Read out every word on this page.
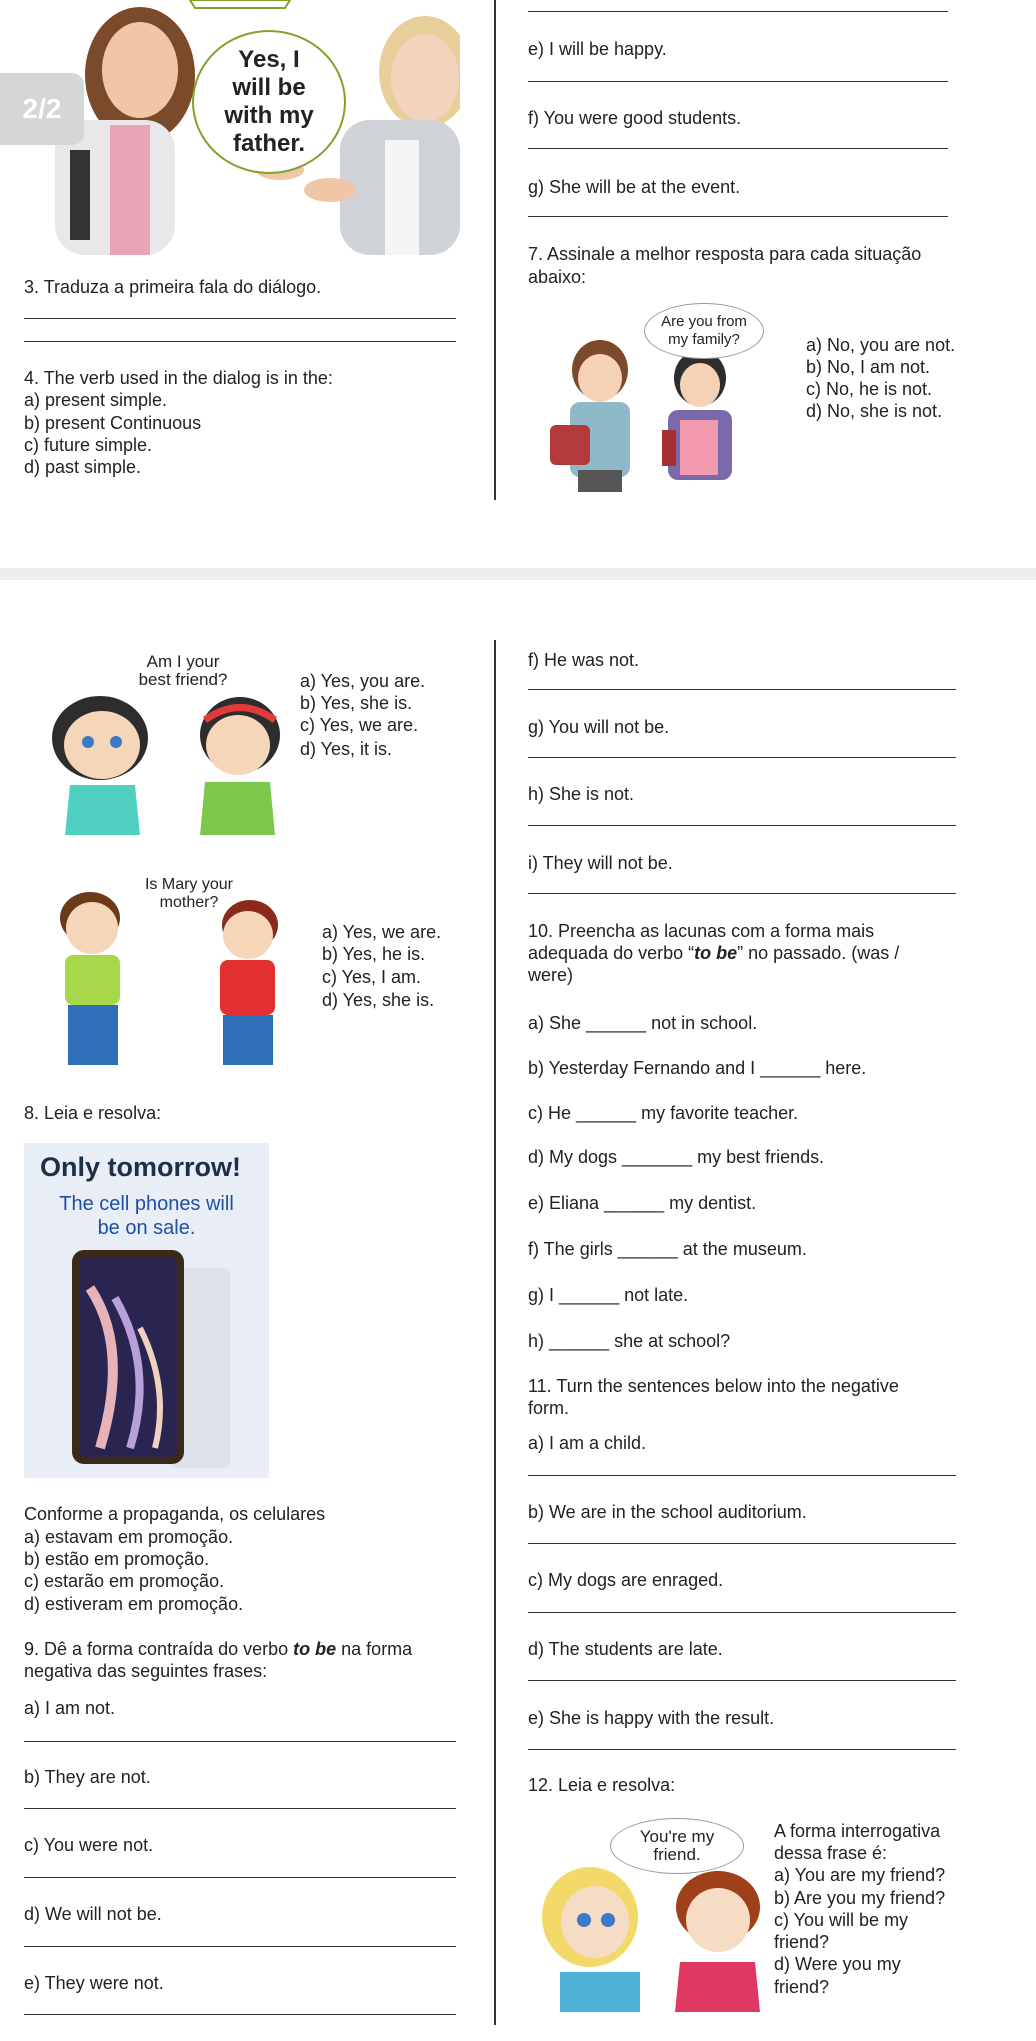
2/2
Yes, I
will be
with my
father.
3. Traduza a primeira fala do diálogo.
4. The verb used in the dialog is in the:
a) present simple.
b) present Continuous
c) future simple.
d) past simple.
e) I will be happy.
f) You were good students.
g) She will be at the event.
7. Assinale a melhor resposta para cada situação
abaixo:
Are you from
my family?	a) No, you are not.
b) No, I am not.
c) No, he is not.
d) No, she is not.
Am I your
best friend?	a) Yes, you are.
b) Yes, she is.
c) Yes, we are.
d) Yes, it is.
Is Mary your
mother?
a) Yes, we are.
b) Yes, he is.
c) Yes, I am.
d) Yes, she is.
8. Leia e resolva:
Only tomorrow!
The cell phones will
be on sale.
Conforme a propaganda, os celulares
a) estavam em promoção.
b) estão em promoção.
c) estarão em promoção.
d) estiveram em promoção.
9. Dê a forma contraída do verbo to be na forma
negativa das seguintes frases:
a) I am not.
b) They are not.
c) You were not.
d) We will not be.
e) They were not.
f) He was not.
g) You will not be.
h) She is not.
i) They will not be.
10. Preencha as lacunas com a forma mais
adequada do verbo “to be” no passado. (was /
were)
a) She ______ not in school.
b) Yesterday Fernando and I ______ here.
c) He ______ my favorite teacher.
d) My dogs _______ my best friends.
e) Eliana ______ my dentist.
f) The girls ______ at the museum.
g) I ______ not late.
h) ______ she at school?
11. Turn the sentences below into the negative
form.
a) I am a child.
b) We are in the school auditorium.
c) My dogs are enraged.
d) The students are late.
e) She is happy with the result.
12. Leia e resolva:
You're my
friend.
A forma interrogativa
dessa frase é:
a) You are my friend?
b) Are you my friend?
c) You will be my
friend?
d) Were you my
friend?
